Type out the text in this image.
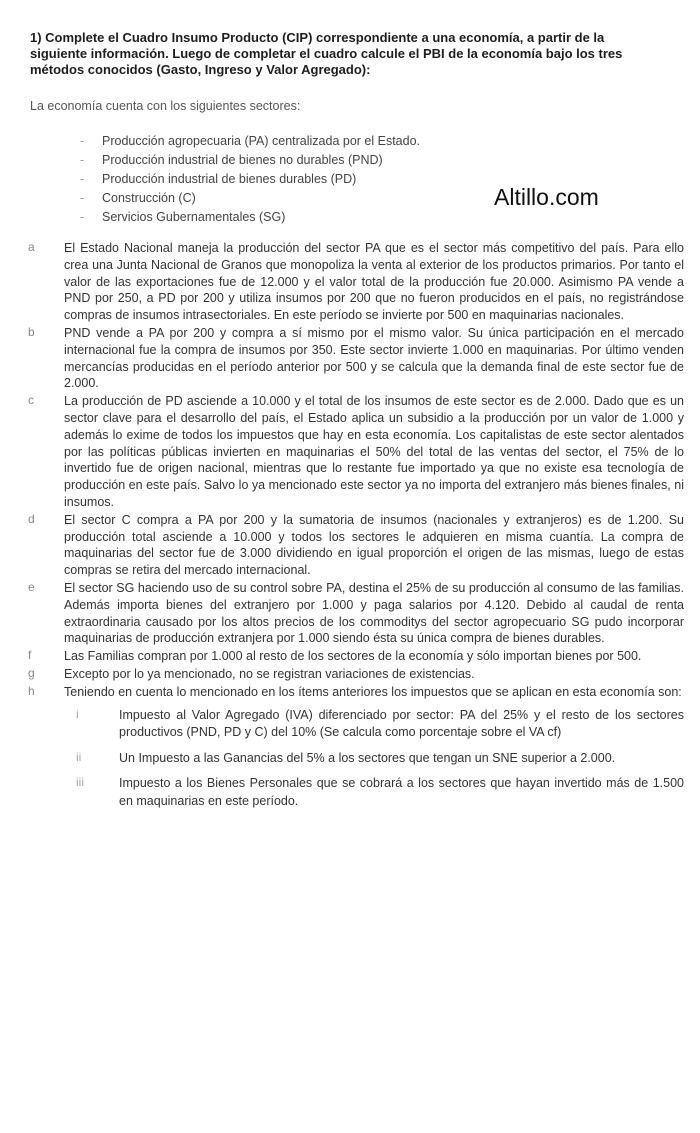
1) Complete el Cuadro Insumo Producto (CIP) correspondiente a una economía, a partir de la siguiente información. Luego de completar el cuadro calcule el PBI de la economía bajo los tres métodos conocidos (Gasto, Ingreso y Valor Agregado):
La economía cuenta con los siguientes sectores:
- Producción agropecuaria (PA) centralizada por el Estado.
- Producción industrial de bienes no durables (PND)
- Producción industrial de bienes durables (PD)
- Construcción (C)
- Servicios Gubernamentales (SG)
Altillo.com
a El Estado Nacional maneja la producción del sector PA que es el sector más competitivo del país. Para ello crea una Junta Nacional de Granos que monopoliza la venta al exterior de los productos primarios. Por tanto el valor de las exportaciones fue de 12.000 y el valor total de la producción fue 20.000. Asimismo PA vende a PND por 250, a PD por 200 y utiliza insumos por 200 que no fueron producidos en el país, no registrándose compras de insumos intrasectoriales. En este período se invierte por 500 en maquinarias nacionales.
b PND vende a PA por 200 y compra a sí mismo por el mismo valor. Su única participación en el mercado internacional fue la compra de insumos por 350. Este sector invierte 1.000 en maquinarias. Por último venden mercancías producidas en el período anterior por 500 y se calcula que la demanda final de este sector fue de 2.000.
c La producción de PD asciende a 10.000 y el total de los insumos de este sector es de 2.000. Dado que es un sector clave para el desarrollo del país, el Estado aplica un subsidio a la producción por un valor de 1.000 y además lo exime de todos los impuestos que hay en esta economía. Los capitalistas de este sector alentados por las políticas públicas invierten en maquinarias el 50% del total de las ventas del sector, el 75% de lo invertido fue de origen nacional, mientras que lo restante fue importado ya que no existe esa tecnología de producción en este país. Salvo lo ya mencionado este sector ya no importa del extranjero más bienes finales, ni insumos.
d El sector C compra a PA por 200 y la sumatoria de insumos (nacionales y extranjeros) es de 1.200. Su producción total asciende a 10.000 y todos los sectores le adquieren en misma cuantía. La compra de maquinarias del sector fue de 3.000 dividiendo en igual proporción el origen de las mismas, luego de estas compras se retira del mercado internacional.
e El sector SG haciendo uso de su control sobre PA, destina el 25% de su producción al consumo de las familias. Además importa bienes del extranjero por 1.000 y paga salarios por 4.120. Debido al caudal de renta extraordinaria causado por los altos precios de los commoditys del sector agropecuario SG pudo incorporar maquinarias de producción extranjera por 1.000 siendo ésta su única compra de bienes durables.
f	Las Familias compran por 1.000 al resto de los sectores de la economía y sólo importan bienes por 500.
g Excepto por lo ya mencionado, no se registran variaciones de existencias.
h Teniendo en cuenta lo mencionado en los ítems anteriores los impuestos que se aplican en esta economía son:
i	Impuesto al Valor Agregado (IVA) diferenciado por sector: PA del 25% y el resto de los sectores productivos (PND, PD y C) del 10% (Se calcula como porcentaje sobre el VA cf)
ii	Un Impuesto a las Ganancias del 5% a los sectores que tengan un SNE superior a 2.000.
iii	Impuesto a los Bienes Personales que se cobrará a los sectores que hayan invertido más de 1.500 en maquinarias en este período.
